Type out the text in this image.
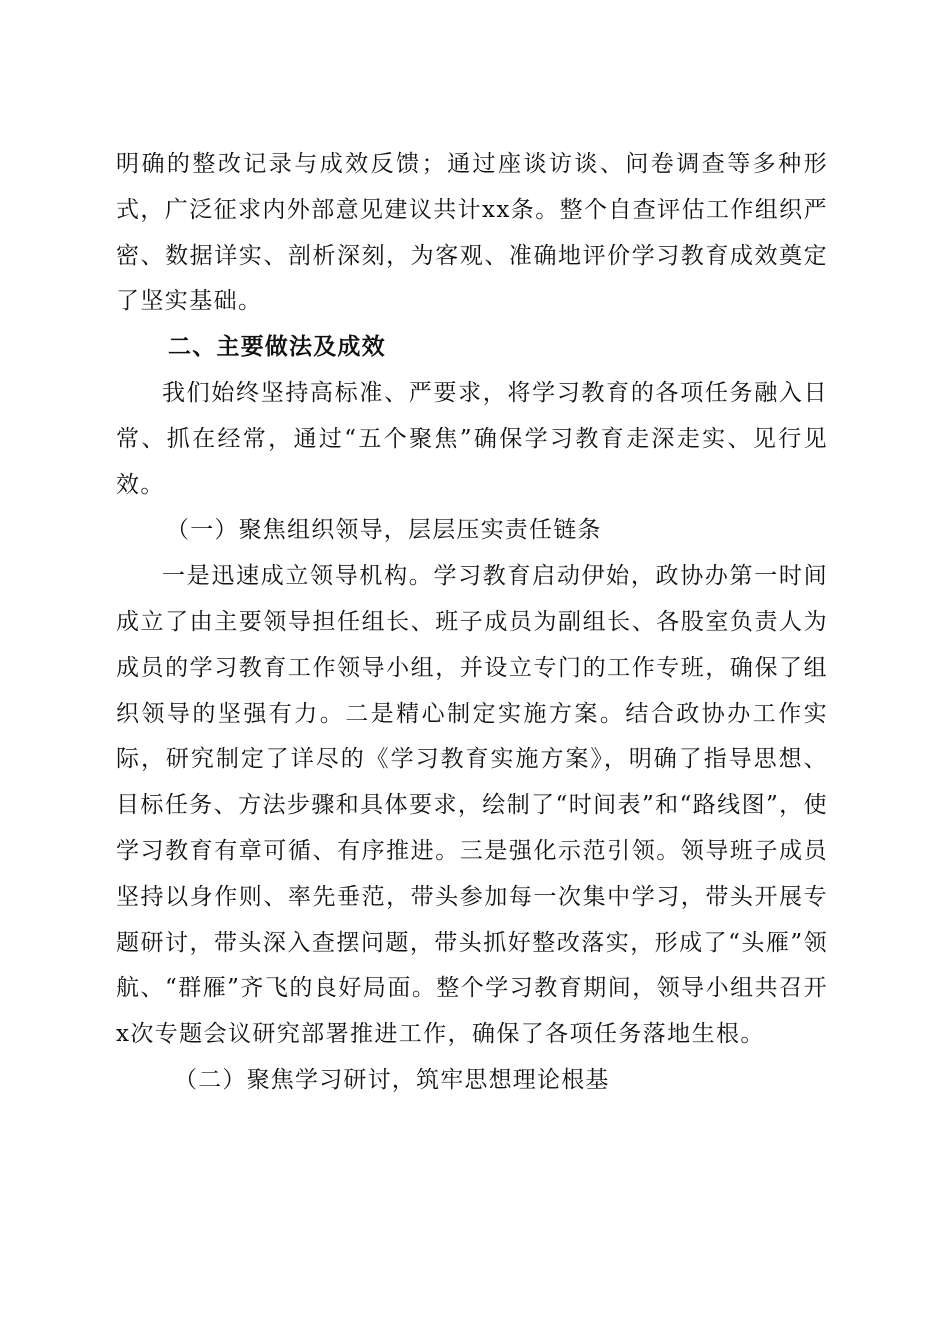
明确的整改记录与成效反馈；通过座谈访谈、问卷调查等多种形式，广泛征求内外部意见建议共计xx条。整个自查评估工作组织严密、数据详实、剖析深刻，为客观、准确地评价学习教育成效奠定了坚实基础。

二、主要做法及成效

我们始终坚持高标准、严要求，将学习教育的各项任务融入日常、抓在经常，通过“五个聚焦”确保学习教育走深走实、见行见效。

（一）聚焦组织领导，层层压实责任链条

一是迅速成立领导机构。学习教育启动伊始，政协办第一时间成立了由主要领导担任组长、班子成员为副组长、各股室负责人为成员的学习教育工作领导小组，并设立专门的工作专班，确保了组织领导的坚强有力。二是精心制定实施方案。结合政协办工作实际，研究制定了详尽的《学习教育实施方案》，明确了指导思想、目标任务、方法步骤和具体要求，绘制了“时间表”和“路线图”，使学习教育有章可循、有序推进。三是强化示范引领。领导班子成员坚持以身作则、率先垂范，带头参加每一次集中学习，带头开展专题研讨，带头深入查摆问题，带头抓好整改落实，形成了“头雁”领航、“群雁”齐飞的良好局面。整个学习教育期间，领导小组共召开x次专题会议研究部署推进工作，确保了各项任务落地生根。

（二）聚焦学习研讨，筑牢思想理论根基
